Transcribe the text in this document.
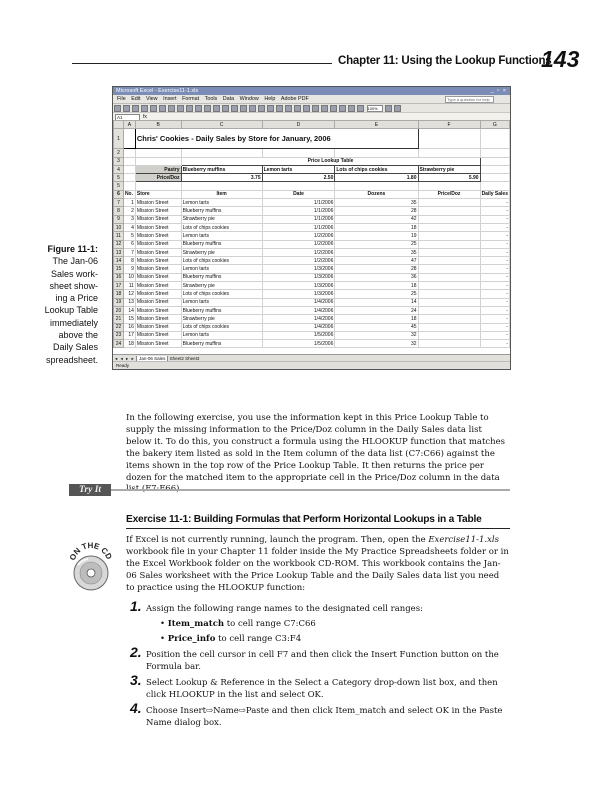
Chapter 11: Using the Lookup Functions
143
Figure 11-1:
The Jan-06
Sales work-
sheet show-
ing a Price
Lookup Table
immediately
above the
Daily Sales
spreadsheet.
Microsoft Excel - Exercise11-1.xls	_ ▫ ×
File Edit View Insert Format Tools Data Window Help Adobe PDF	Type a question for help
100%
A1	fx
	A	B	C	D	E	F	G
1		Chris' Cookies - Daily Sales by Store for January, 2006					
2							
3			Price Lookup Table				
4		Pastry	Blueberry muffins	Lemon tarts	Lots of chips cookies	Strawberry pie	
5		Price/Doz	3.75	2.50	1.80	5.90	
5							
6	No.	Store	Item	Date	Dozens	Price/Doz	Daily Sales
7	1	Mission Street	Lemon tarts	1/1/2006	35		-
8	2	Mission Street	Blueberry muffins	1/1/2006	28		-
9	3	Mission Street	Strawberry pie	1/1/2006	42		-
10	4	Mission Street	Lots of chips cookies	1/1/2006	18		-
11	5	Mission Street	Lemon tarts	1/2/2006	19		-
12	6	Mission Street	Blueberry muffins	1/2/2006	25		-
13	7	Mission Street	Strawberry pie	1/2/2006	35		-
14	8	Mission Street	Lots of chips cookies	1/2/2006	47		-
15	9	Mission Street	Lemon tarts	1/3/2006	28		-
16	10	Mission Street	Blueberry muffins	1/3/2006	36		-
17	11	Mission Street	Strawberry pie	1/3/2006	18		-
18	12	Mission Street	Lots of chips cookies	1/3/2006	25		-
19	13	Mission Street	Lemon tarts	1/4/2006	14		-
20	14	Mission Street	Blueberry muffins	1/4/2006	24		-
21	15	Mission Street	Strawberry pie	1/4/2006	18		-
22	16	Mission Street	Lots of chips cookies	1/4/2006	45		-
23	17	Mission Street	Lemon tarts	1/5/2006	32		-
24	18	Mission Street	Blueberry muffins	1/5/2006	32		-
◂ ◂ ▸ ▸ Jan-06 Sales Sheet2 Sheet3
Ready
In the following exercise, you use the information kept in this Price Lookup Table to supply the missing information to the Price/Doz column in the Daily Sales data list below it. To do this, you construct a formula using the HLOOKUP function that matches the bakery item listed as sold in the Item column of the data list (C7:C66) against the items shown in the top row of the Price Lookup Table. It then returns the price per dozen for the matched item to the appropriate cell in the Price/Doz column in the data
Try It
Exercise 11-1: Building Formulas that Perform Horizontal Lookups in a Table
ON THE CD
If Excel is not currently running, launch the program. Then, open the Exercise11-1.xls workbook file in your Chapter 11 folder inside the My Practice Spreadsheets folder or in the Excel Workbook folder on the workbook CD-ROM. This workbook contains the Jan-06 Sales worksheet with the Price Lookup Table and the Daily Sales data list you need to practice using the HLOOKUP function:
1. Assign the following range names to the designated cell ranges:
• Item_match to cell range C7:C66
• Price_info to cell range C3:F4
2. Position the cell cursor in cell F7 and then click the Insert Function button on the Formula bar.
3. Select Lookup & Reference in the Select a Category drop-down list box, and then click HLOOKUP in the list and select OK.
4. Choose Insert⇨Name⇨Paste and then click Item_match and select OK in the Paste Name dialog box.
